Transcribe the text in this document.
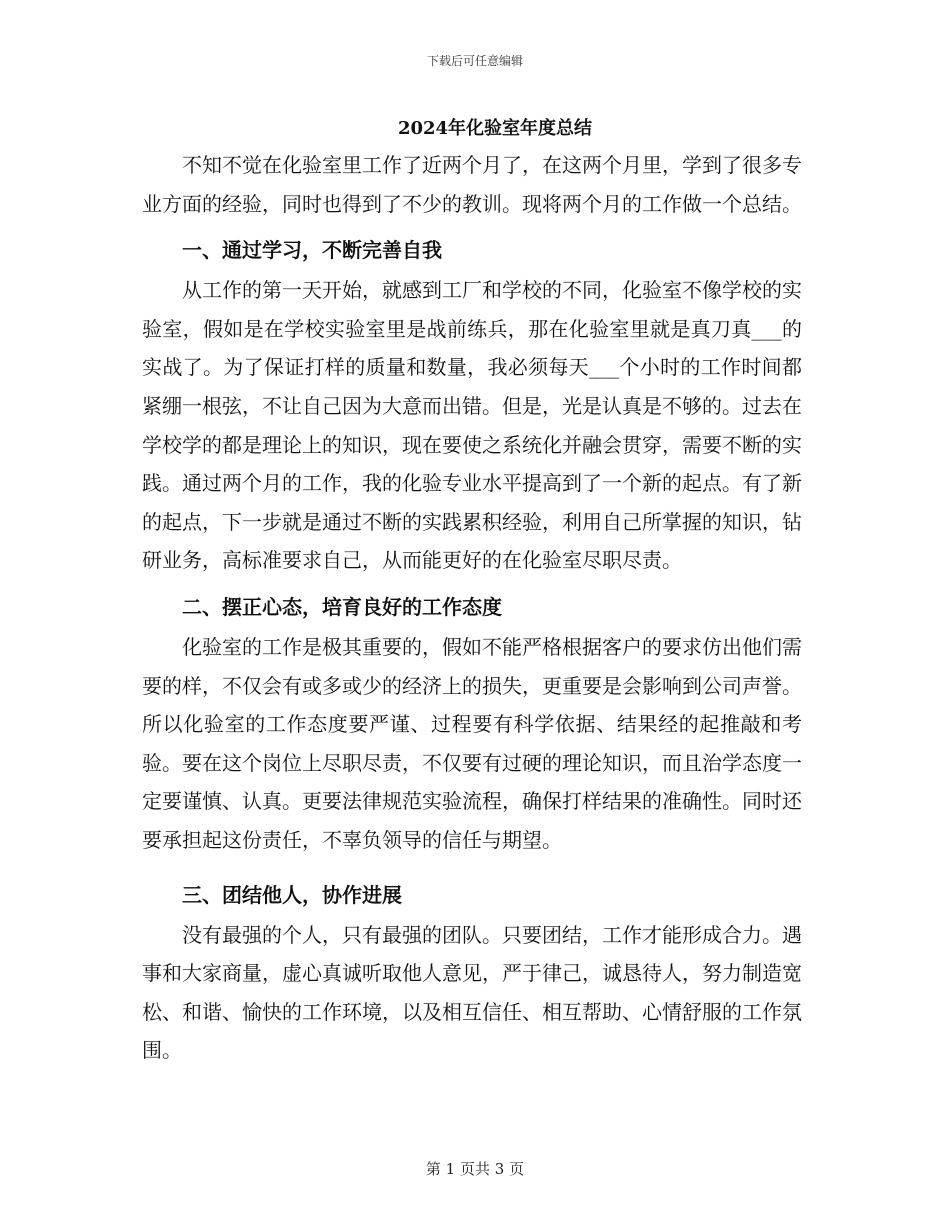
下载后可任意编辑
2024年化验室年度总结

不知不觉在化验室里工作了近两个月了，在这两个月里，学到了很多专业方面的经验，同时也得到了不少的教训。现将两个月的工作做一个总结。

一、通过学习，不断完善自我

从工作的第一天开始，就感到工厂和学校的不同，化验室不像学校的实验室，假如是在学校实验室里是战前练兵，那在化验室里就是真刀真___的实战了。为了保证打样的质量和数量，我必须每天___个小时的工作时间都紧绷一根弦，不让自己因为大意而出错。但是，光是认真是不够的。过去在学校学的都是理论上的知识，现在要使之系统化并融会贯穿，需要不断的实践。通过两个月的工作，我的化验专业水平提高到了一个新的起点。有了新的起点，下一步就是通过不断的实践累积经验，利用自己所掌握的知识，钻研业务，高标准要求自己，从而能更好的在化验室尽职尽责。

二、摆正心态，培育良好的工作态度

化验室的工作是极其重要的，假如不能严格根据客户的要求仿出他们需要的样，不仅会有或多或少的经济上的损失，更重要是会影响到公司声誉。所以化验室的工作态度要严谨、过程要有科学依据、结果经的起推敲和考验。要在这个岗位上尽职尽责，不仅要有过硬的理论知识，而且治学态度一定要谨慎、认真。更要法律规范实验流程，确保打样结果的准确性。同时还要承担起这份责任，不辜负领导的信任与期望。

三、团结他人，协作进展

没有最强的个人，只有最强的团队。只要团结，工作才能形成合力。遇事和大家商量，虚心真诚听取他人意见，严于律己，诚恳待人，努力制造宽松、和谐、愉快的工作环境，以及相互信任、相互帮助、心情舒服的工作氛围。

第 1 页共 3 页
